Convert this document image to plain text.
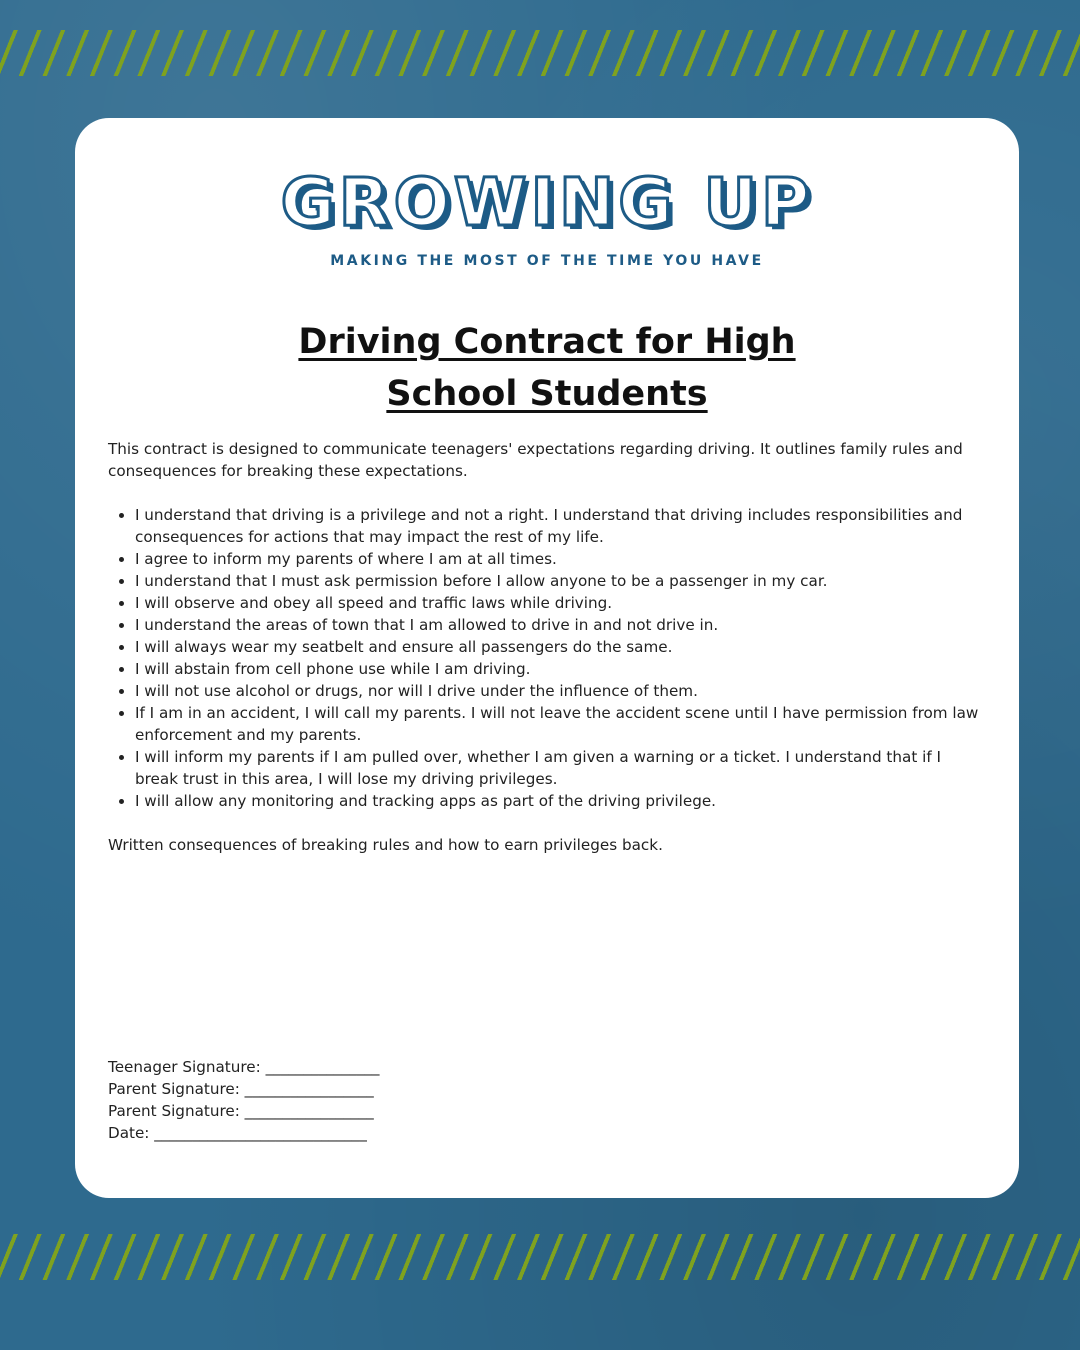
GROWING UP
MAKING THE MOST OF THE TIME YOU HAVE
Driving Contract for High
School Students

This contract is designed to communicate teenagers' expectations regarding driving. It outlines family rules and consequences for breaking these expectations.

• I understand that driving is a privilege and not a right. I understand that driving includes responsibilities and consequences for actions that may impact the rest of my life.
• I agree to inform my parents of where I am at all times.
• I understand that I must ask permission before I allow anyone to be a passenger in my car.
• I will observe and obey all speed and traffic laws while driving.
• I understand the areas of town that I am allowed to drive in and not drive in.
• I will always wear my seatbelt and ensure all passengers do the same.
• I will abstain from cell phone use while I am driving.
• I will not use alcohol or drugs, nor will I drive under the influence of them.
• If I am in an accident, I will call my parents. I will not leave the accident scene until I have permission from law enforcement and my parents.
• I will inform my parents if I am pulled over, whether I am given a warning or a ticket. I understand that if I break trust in this area, I will lose my driving privileges.
• I will allow any monitoring and tracking apps as part of the driving privilege.

Written consequences of breaking rules and how to earn privileges back.

Teenager Signature: _______________
Parent Signature: _________________
Parent Signature: _________________
Date: ____________________________
